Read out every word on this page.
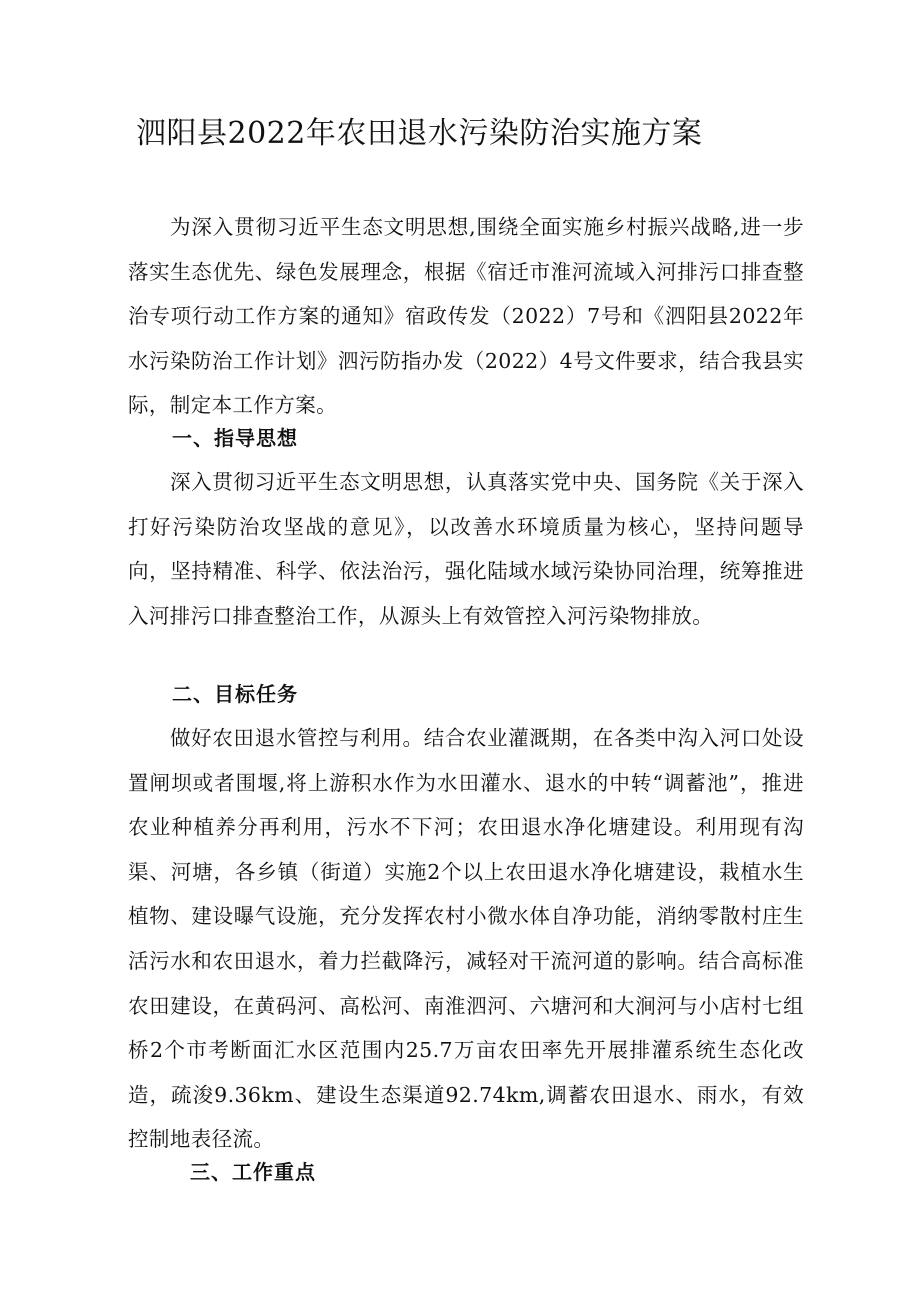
泗阳县2022年农田退水污染防治实施方案

为深入贯彻习近平生态文明思想,围绕全面实施乡村振兴战略,进一步落实生态优先、绿色发展理念，根据《宿迁市淮河流域入河排污口排查整治专项行动工作方案的通知》宿政传发（2022）7号和《泗阳县2022年水污染防治工作计划》泗污防指办发（2022）4号文件要求，结合我县实际，制定本工作方案。

一、指导思想

深入贯彻习近平生态文明思想，认真落实党中央、国务院《关于深入打好污染防治攻坚战的意见》，以改善水环境质量为核心，坚持问题导向，坚持精准、科学、依法治污，强化陆域水域污染协同治理，统筹推进入河排污口排查整治工作，从源头上有效管控入河污染物排放。

二、目标任务

做好农田退水管控与利用。结合农业灌溉期，在各类中沟入河口处设置闸坝或者围堰,将上游积水作为水田灌水、退水的中转“调蓄池”，推进农业种植养分再利用，污水不下河；农田退水净化塘建设。利用现有沟渠、河塘，各乡镇（街道）实施2个以上农田退水净化塘建设，栽植水生植物、建设曝气设施，充分发挥农村小微水体自净功能，消纳零散村庄生活污水和农田退水，着力拦截降污，减轻对干流河道的影响。结合高标准农田建设，在黄码河、高松河、南淮泗河、六塘河和大涧河与小店村七组桥2个市考断面汇水区范围内25.7万亩农田率先开展排灌系统生态化改造，疏浚9.36km、建设生态渠道92.74km,调蓄农田退水、雨水，有效控制地表径流。

三、工作重点
